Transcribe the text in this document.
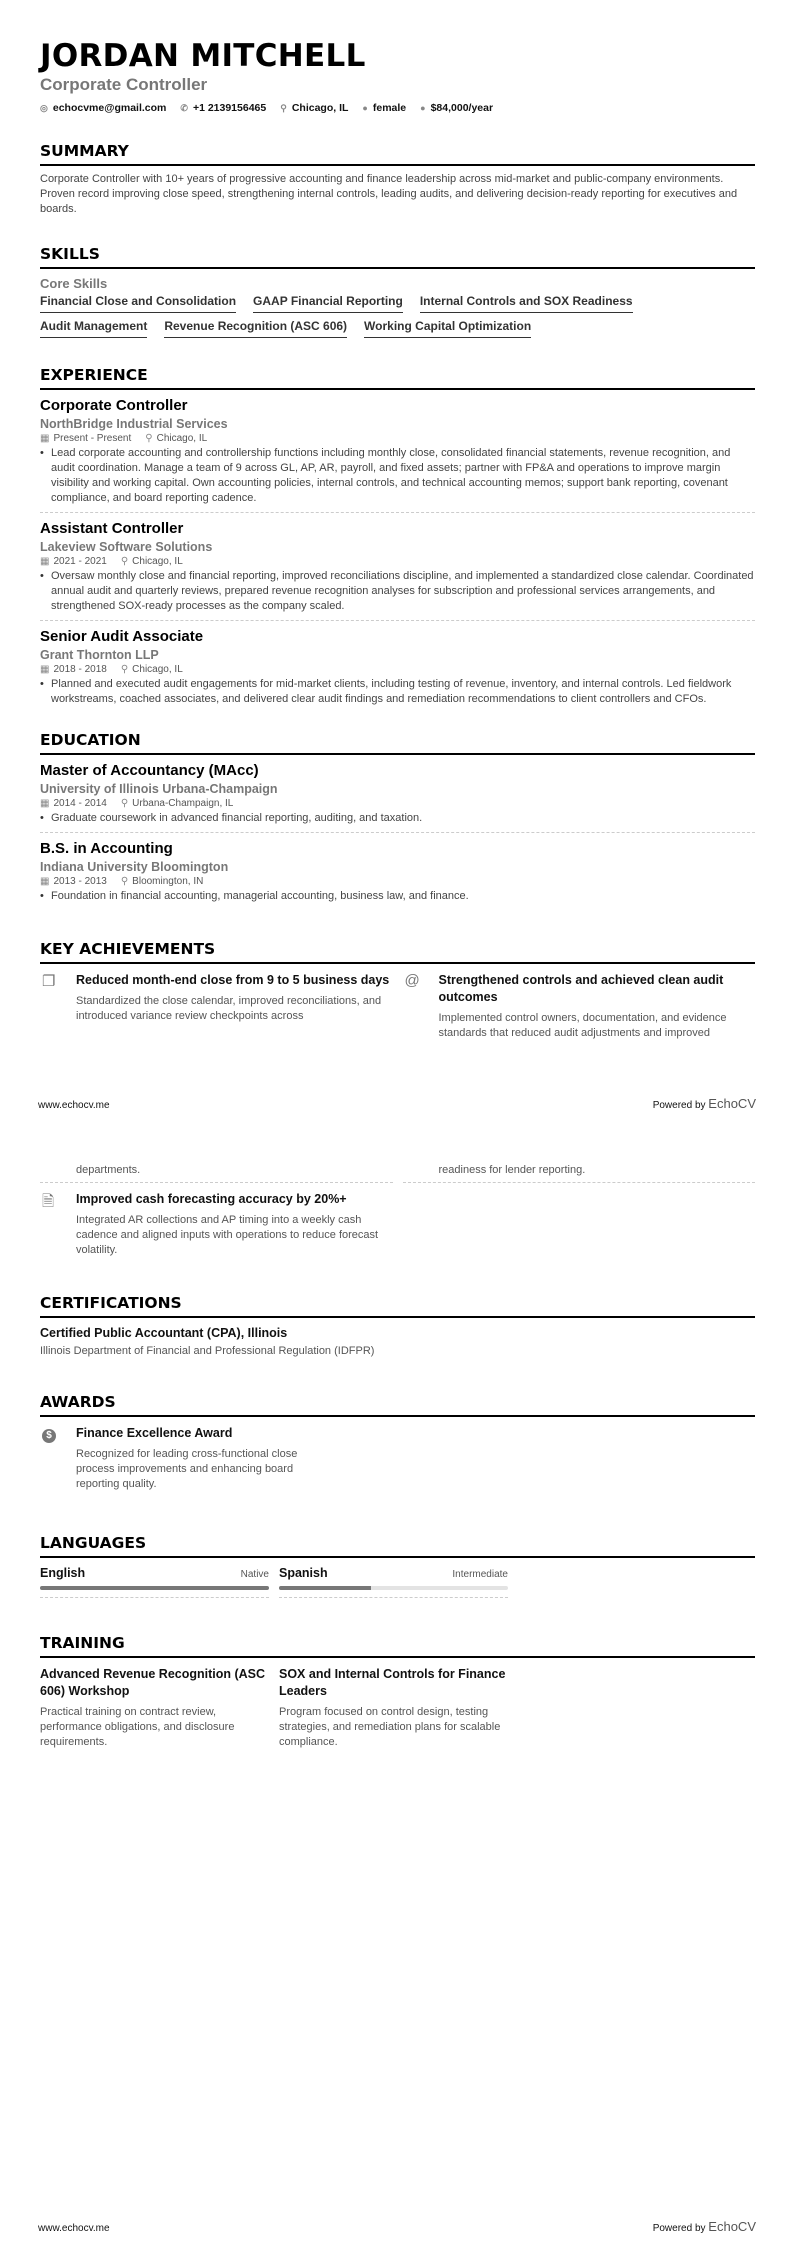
JORDAN MITCHELL
Corporate Controller
◎ echocvme@gmail.com ✆ +1 2139156465 ⚲ Chicago, IL ● female ● $84,000/year
SUMMARY

Corporate Controller with 10+ years of progressive accounting and finance leadership across mid-market and public-company environments. Proven record improving close speed, strengthening internal controls, leading audits, and delivering decision-ready reporting for executives and boards.

SKILLS
Core Skills
Financial Close and Consolidation GAAP Financial Reporting Internal Controls and SOX Readiness
Audit Management Revenue Recognition (ASC 606) Working Capital Optimization
EXPERIENCE
Corporate Controller
NorthBridge Industrial Services
▦ Present - Present ⚲ Chicago, IL
• Lead corporate accounting and controllership functions including monthly close, consolidated financial statements, revenue recognition, and audit coordination. Manage a team of 9 across GL, AP, AR, payroll, and fixed assets; partner with FP&A and operations to improve margin visibility and working capital. Own accounting policies, internal controls, and technical accounting memos; support bank reporting, covenant compliance, and board reporting cadence.
Assistant Controller
Lakeview Software Solutions
▦ 2021 - 2021 ⚲ Chicago, IL
• Oversaw monthly close and financial reporting, improved reconciliations discipline, and implemented a standardized close calendar. Coordinated annual audit and quarterly reviews, prepared revenue recognition analyses for subscription and professional services arrangements, and strengthened SOX-ready processes as the company scaled.
Senior Audit Associate
Grant Thornton LLP
▦ 2018 - 2018 ⚲ Chicago, IL
• Planned and executed audit engagements for mid-market clients, including testing of revenue, inventory, and internal controls. Led fieldwork workstreams, coached associates, and delivered clear audit findings and remediation recommendations to client controllers and CFOs.
EDUCATION
Master of Accountancy (MAcc)
University of Illinois Urbana-Champaign
▦ 2014 - 2014 ⚲ Urbana-Champaign, IL
• Graduate coursework in advanced financial reporting, auditing, and taxation.
B.S. in Accounting
Indiana University Bloomington
▦ 2013 - 2013 ⚲ Bloomington, IN
• Foundation in financial accounting, managerial accounting, business law, and finance.
KEY ACHIEVEMENTS
❐	Reduced month-end close from 9 to 5 business days

Standardized the close calendar, improved reconciliations, and introduced variance review checkpoints across

@	Strengthened controls and achieved clean audit outcomes

Implemented control owners, documentation, and evidence standards that reduced audit adjustments and improved

www.echocv.me	Powered by EchoCV

departments.	readiness for lender reporting.

🗎	Improved cash forecasting accuracy by 20%+

Integrated AR collections and AP timing into a weekly cash cadence and aligned inputs with operations to reduce forecast volatility.

CERTIFICATIONS
Certified Public Accountant (CPA), Illinois

Illinois Department of Financial and Professional Regulation (IDFPR)

AWARDS
$	Finance Excellence Award

Recognized for leading cross-functional close process improvements and enhancing board reporting quality.

LANGUAGES
English	Native Spanish	Intermediate
TRAINING
Advanced Revenue Recognition (ASC 606) Workshop

Practical training on contract review, performance obligations, and disclosure requirements.

SOX and Internal Controls for Finance Leaders

Program focused on control design, testing strategies, and remediation plans for scalable compliance.

www.echocv.me	Powered by EchoCV
